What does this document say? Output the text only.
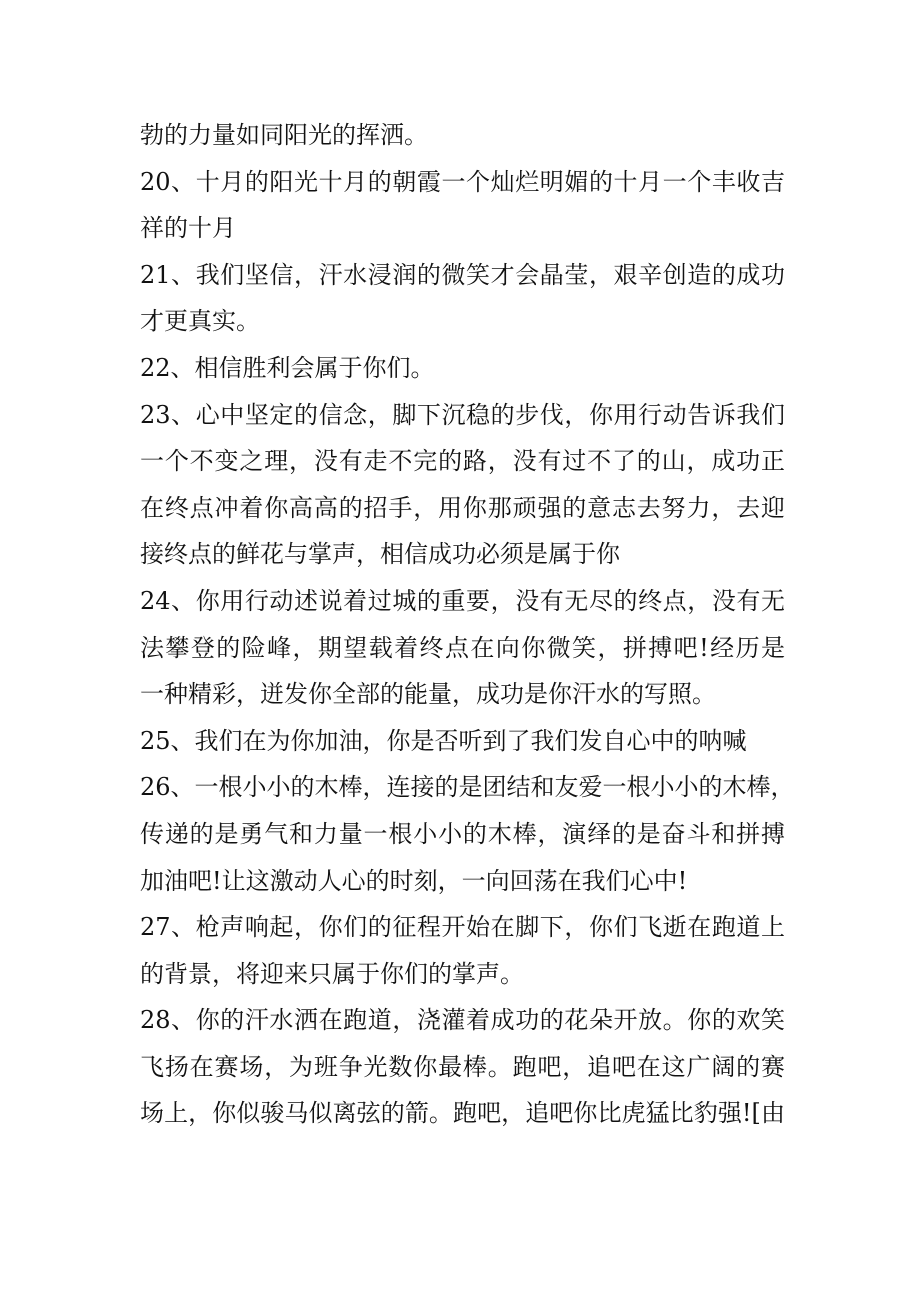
勃的力量如同阳光的挥洒。
20、十月的阳光十月的朝霞一个灿烂明媚的十月一个丰收吉
祥的十月
21、我们坚信，汗水浸润的微笑才会晶莹，艰辛创造的成功
才更真实。
22、相信胜利会属于你们。
23、心中坚定的信念，脚下沉稳的步伐，你用行动告诉我们
一个不变之理，没有走不完的路，没有过不了的山，成功正
在终点冲着你高高的招手，用你那顽强的意志去努力，去迎
接终点的鲜花与掌声，相信成功必须是属于你
24、你用行动述说着过城的重要，没有无尽的终点，没有无
法攀登的险峰，期望载着终点在向你微笑，拼搏吧!经历是
一种精彩，迸发你全部的能量，成功是你汗水的写照。
25、我们在为你加油，你是否听到了我们发自心中的呐喊
26、一根小小的木棒，连接的是团结和友爱一根小小的木棒，
传递的是勇气和力量一根小小的木棒，演绎的是奋斗和拼搏
加油吧!让这激动人心的时刻，一向回荡在我们心中!
27、枪声响起，你们的征程开始在脚下，你们飞逝在跑道上
的背景，将迎来只属于你们的掌声。
28、你的汗水洒在跑道，浇灌着成功的花朵开放。你的欢笑
飞扬在赛场，为班争光数你最棒。跑吧，追吧在这广阔的赛
场上，你似骏马似离弦的箭。跑吧，追吧你比虎猛比豹强![由
